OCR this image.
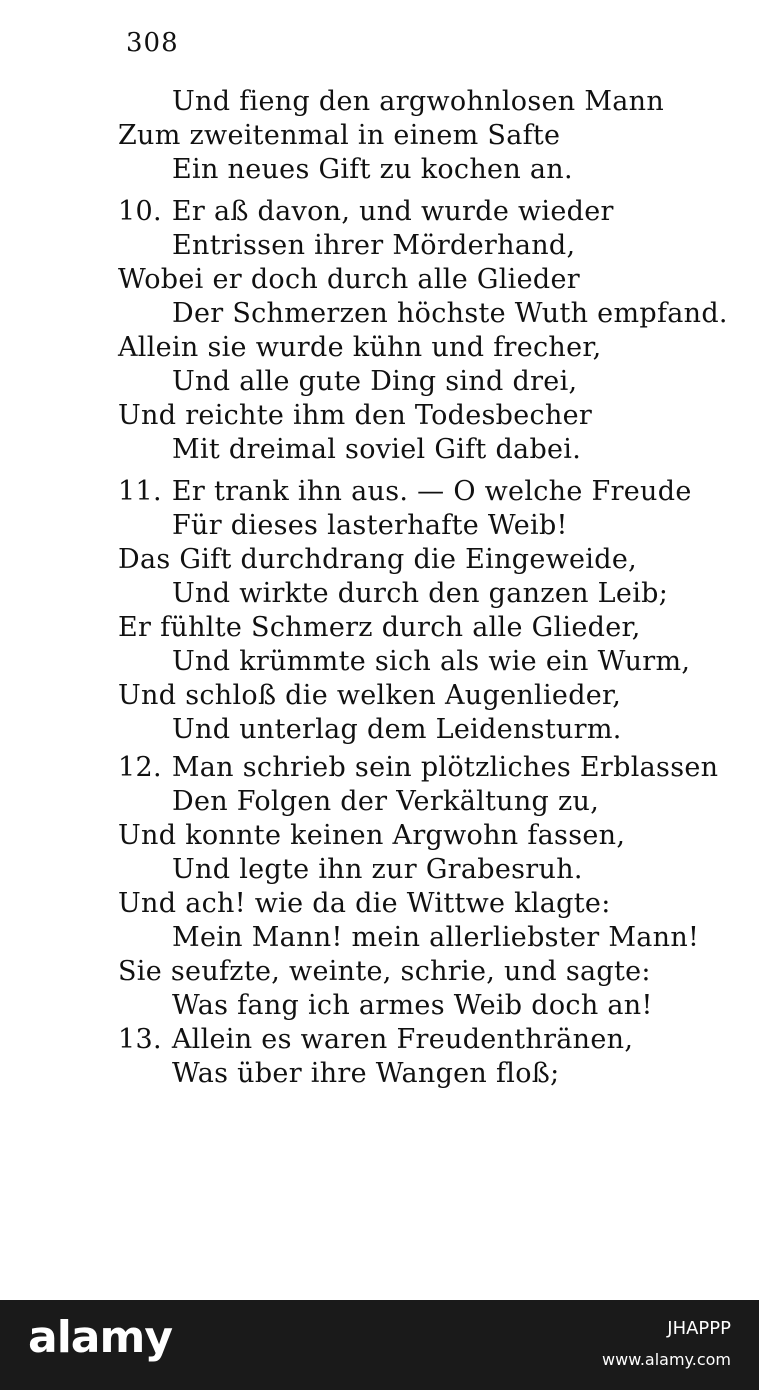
308
Und fieng den argwohnlosen Mann
Zum zweitenmal in einem Safte
Ein neues Gift zu kochen an.
10. Er aß davon, und wurde wieder
Entrissen ihrer Mörderhand,
Wobei er doch durch alle Glieder
Der Schmerzen höchste Wuth empfand.
Allein sie wurde kühn und frecher,
Und alle gute Ding sind drei,
Und reichte ihm den Todesbecher
Mit dreimal soviel Gift dabei.
11. Er trank ihn aus. — O welche Freude
Für dieses lasterhafte Weib!
Das Gift durchdrang die Eingeweide,
Und wirkte durch den ganzen Leib;
Er fühlte Schmerz durch alle Glieder,
Und krümmte sich als wie ein Wurm,
Und schloß die welken Augenlieder,
Und unterlag dem Leidensturm.
12. Man schrieb sein plötzliches Erblassen
Den Folgen der Verkältung zu,
Und konnte keinen Argwohn fassen,
Und legte ihn zur Grabesruh.
Und ach! wie da die Wittwe klagte:
Mein Mann! mein allerliebster Mann!
Sie seufzte, weinte, schrie, und sagte:
Was fang ich armes Weib doch an!
13. Allein es waren Freudenthränen,
Was über ihre Wangen floß;
alamy	JHAPPP
www.alamy.com
